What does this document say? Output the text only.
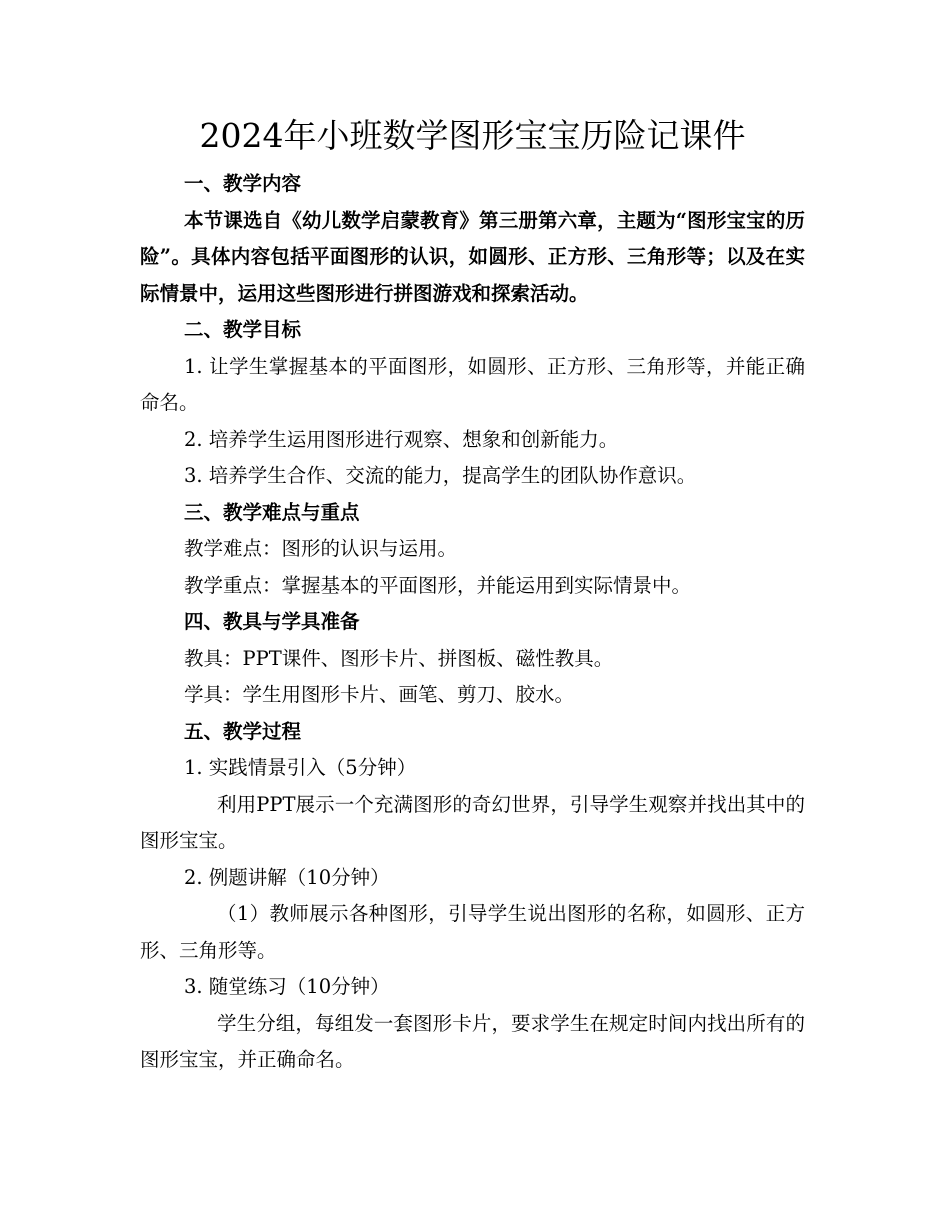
2024年小班数学图形宝宝历险记课件

一、教学内容

本节课选自《幼儿数学启蒙教育》第三册第六章，主题为“图形宝宝的历险”。具体内容包括平面图形的认识，如圆形、正方形、三角形等；以及在实际情景中，运用这些图形进行拼图游戏和探索活动。

二、教学目标

1. 让学生掌握基本的平面图形，如圆形、正方形、三角形等，并能正确命名。

2. 培养学生运用图形进行观察、想象和创新能力。

3. 培养学生合作、交流的能力，提高学生的团队协作意识。

三、教学难点与重点

教学难点：图形的认识与运用。

教学重点：掌握基本的平面图形，并能运用到实际情景中。

四、教具与学具准备

教具：PPT课件、图形卡片、拼图板、磁性教具。

学具：学生用图形卡片、画笔、剪刀、胶水。

五、教学过程

1. 实践情景引入（5分钟）

利用PPT展示一个充满图形的奇幻世界，引导学生观察并找出其中的图形宝宝。

2. 例题讲解（10分钟）

（1）教师展示各种图形，引导学生说出图形的名称，如圆形、正方形、三角形等。

3. 随堂练习（10分钟）

学生分组，每组发一套图形卡片，要求学生在规定时间内找出所有的图形宝宝，并正确命名。
